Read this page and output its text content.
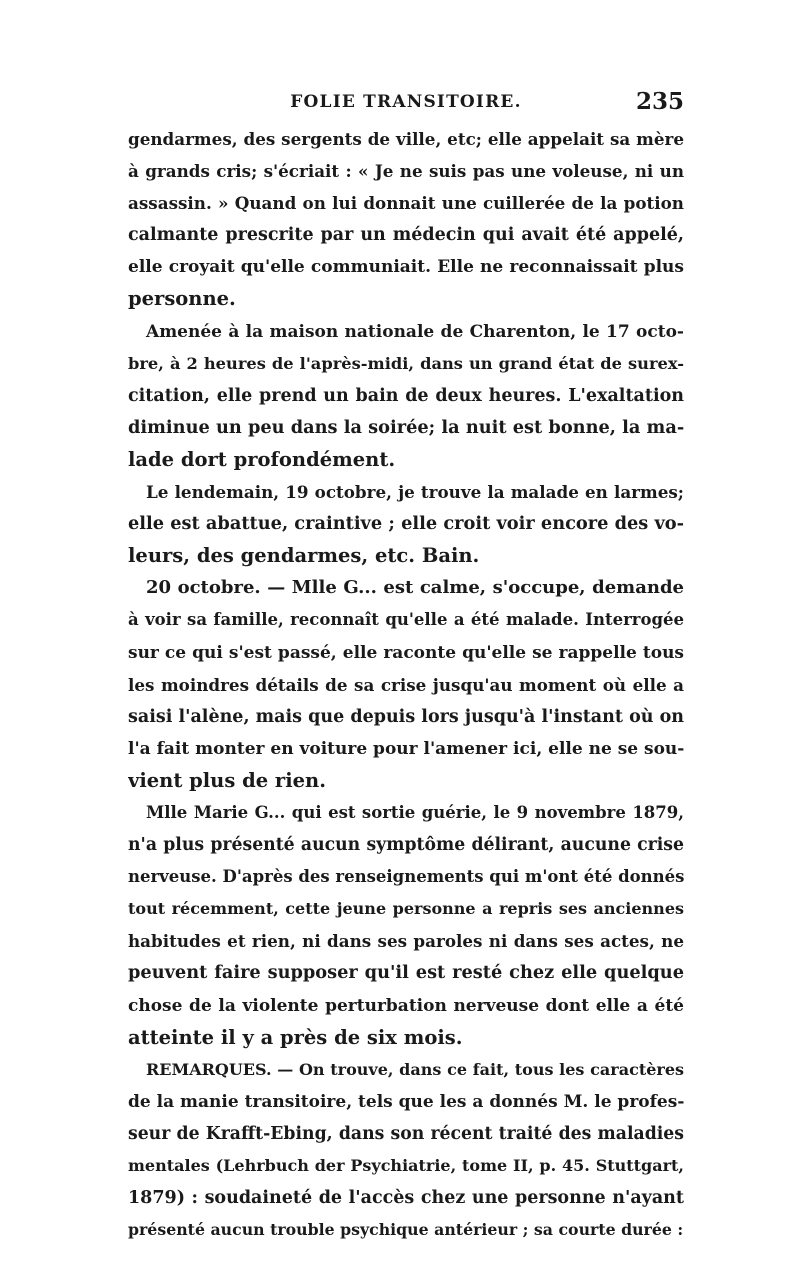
FOLIE TRANSITOIRE.	235
gendarmes, des sergents de ville, etc; elle appelait sa mère
à grands cris; s'écriait : « Je ne suis pas une voleuse, ni un
assassin. » Quand on lui donnait une cuillerée de la potion
calmante prescrite par un médecin qui avait été appelé,
elle croyait qu'elle communiait. Elle ne reconnaissait plus
personne.
Amenée à la maison nationale de Charenton, le 17 octo-
bre, à 2 heures de l'après-midi, dans un grand état de surex-
citation, elle prend un bain de deux heures. L'exaltation
diminue un peu dans la soirée; la nuit est bonne, la ma-
lade dort profondément.
Le lendemain, 19 octobre, je trouve la malade en larmes;
elle est abattue, craintive ; elle croit voir encore des vo-
leurs, des gendarmes, etc. Bain.
20 octobre. — Mlle G... est calme, s'occupe, demande
à voir sa famille, reconnaît qu'elle a été malade. Interrogée
sur ce qui s'est passé, elle raconte qu'elle se rappelle tous
les moindres détails de sa crise jusqu'au moment où elle a
saisi l'alène, mais que depuis lors jusqu'à l'instant où on
l'a fait monter en voiture pour l'amener ici, elle ne se sou-
vient plus de rien.
Mlle Marie G... qui est sortie guérie, le 9 novembre 1879,
n'a plus présenté aucun symptôme délirant, aucune crise
nerveuse. D'après des renseignements qui m'ont été donnés
tout récemment, cette jeune personne a repris ses anciennes
habitudes et rien, ni dans ses paroles ni dans ses actes, ne
peuvent faire supposer qu'il est resté chez elle quelque
chose de la violente perturbation nerveuse dont elle a été
atteinte il y a près de six mois.
REMARQUES. — On trouve, dans ce fait, tous les caractères
de la manie transitoire, tels que les a donnés M. le profes-
seur de Krafft-Ebing, dans son récent traité des maladies
mentales (Lehrbuch der Psychiatrie, tome II, p. 45. Stuttgart,
1879) : soudaineté de l'accès chez une personne n'ayant
présenté aucun trouble psychique antérieur ; sa courte durée :
